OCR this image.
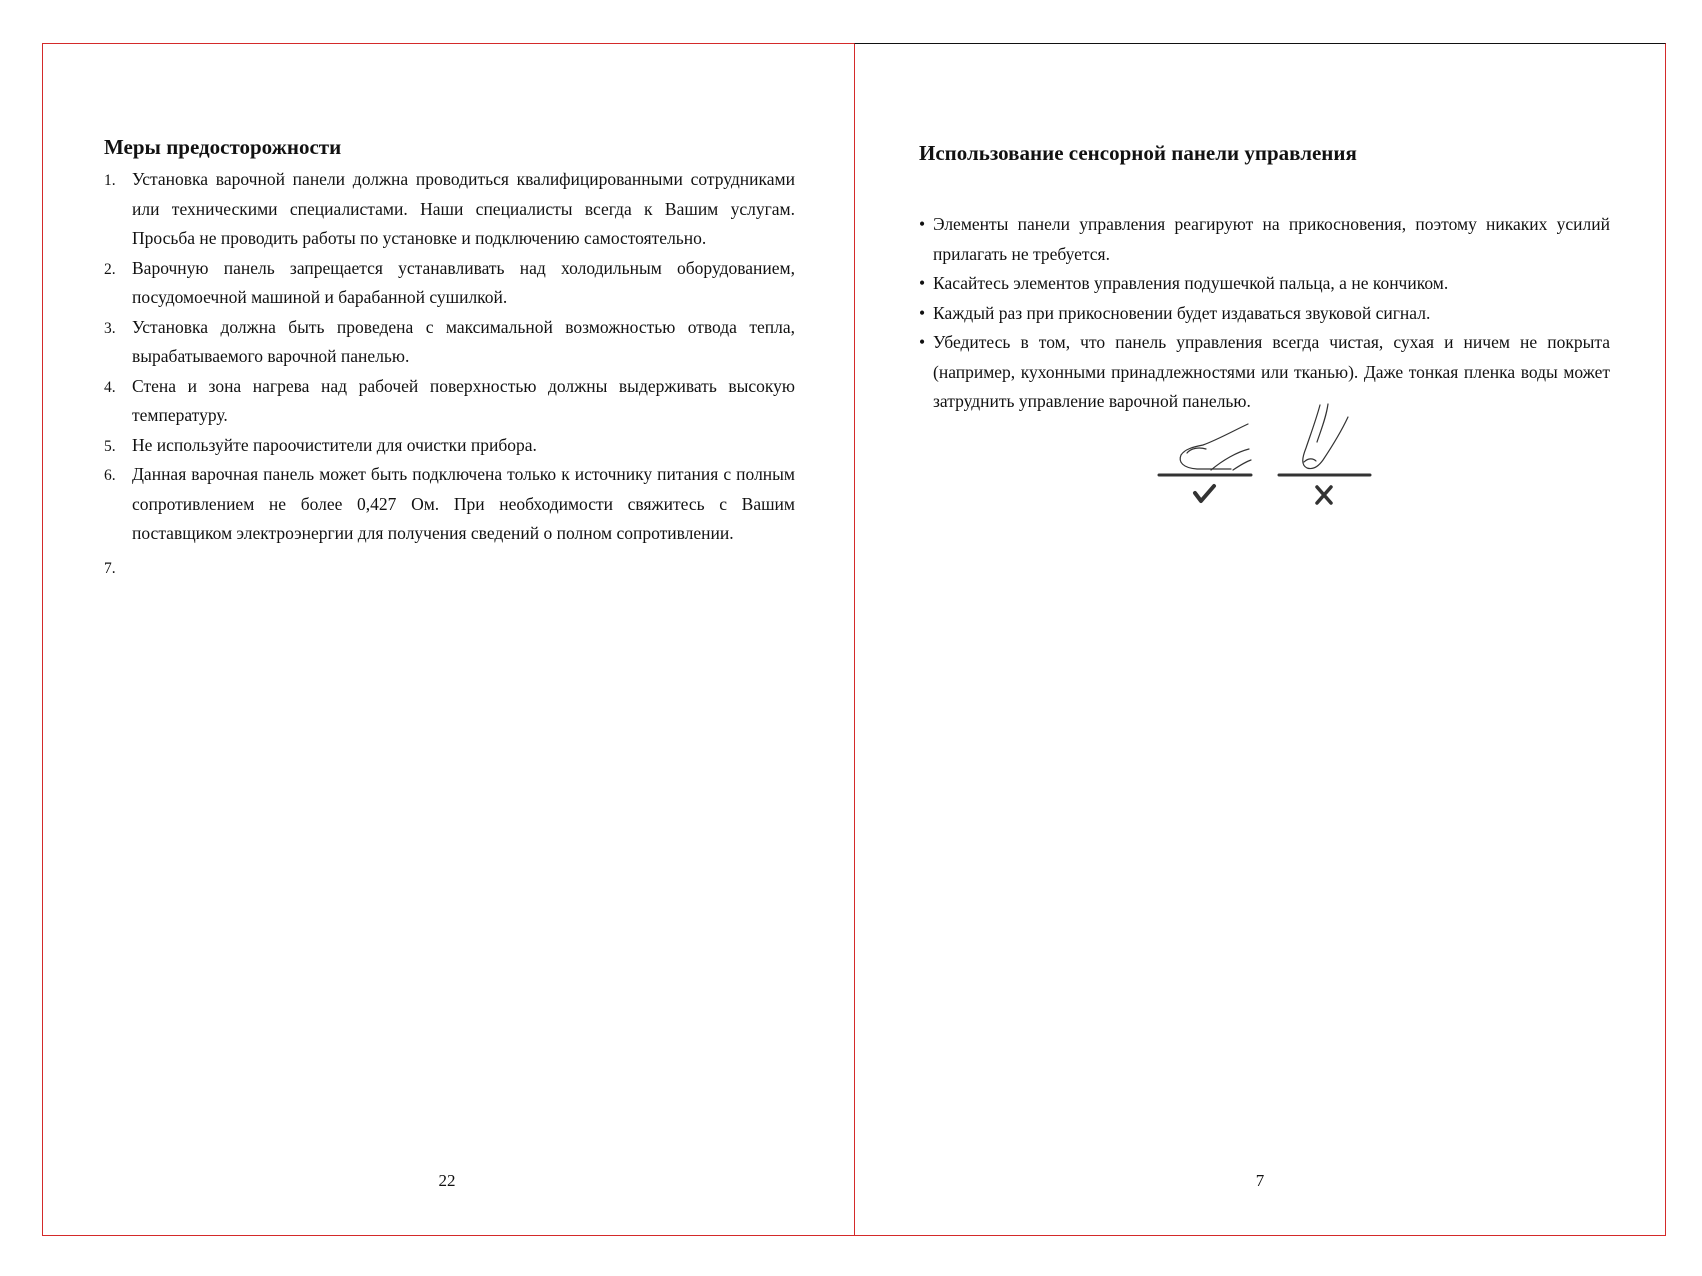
Меры предосторожности
1. Установка варочной панели должна проводиться квалифицированными сотрудниками или техническими специалистами. Наши специалисты всегда к Вашим услугам. Просьба не проводить работы по установке и подключению самостоятельно.
2. Варочную панель запрещается устанавливать над холодильным оборудованием, посудомоечной машиной и барабанной сушилкой.
3. Установка должна быть проведена с максимальной возможностью отвода тепла, вырабатываемого варочной панелью.
4. Стена и зона нагрева над рабочей поверхностью должны выдерживать высокую температуру.
5. Не используйте пароочистители для очистки прибора.
6. Данная варочная панель может быть подключена только к источнику питания с полным сопротивлением не более 0,427 Ом. При необходимости свяжитесь с Вашим поставщиком электроэнергии для получения сведений о полном сопротивлении.
7.
22
Использование сенсорной панели управления
• Элементы панели управления реагируют на прикосновения, поэтому никаких усилий прилагать не требуется.
• Касайтесь элементов управления подушечкой пальца, а не кончиком.
• Каждый раз при прикосновении будет издаваться звуковой сигнал.
• Убедитесь в том, что панель управления всегда чистая, сухая и ничем не покрыта (например, кухонными принадлежностями или тканью). Даже тонкая пленка воды может затруднить управление варочной панелью.
7
